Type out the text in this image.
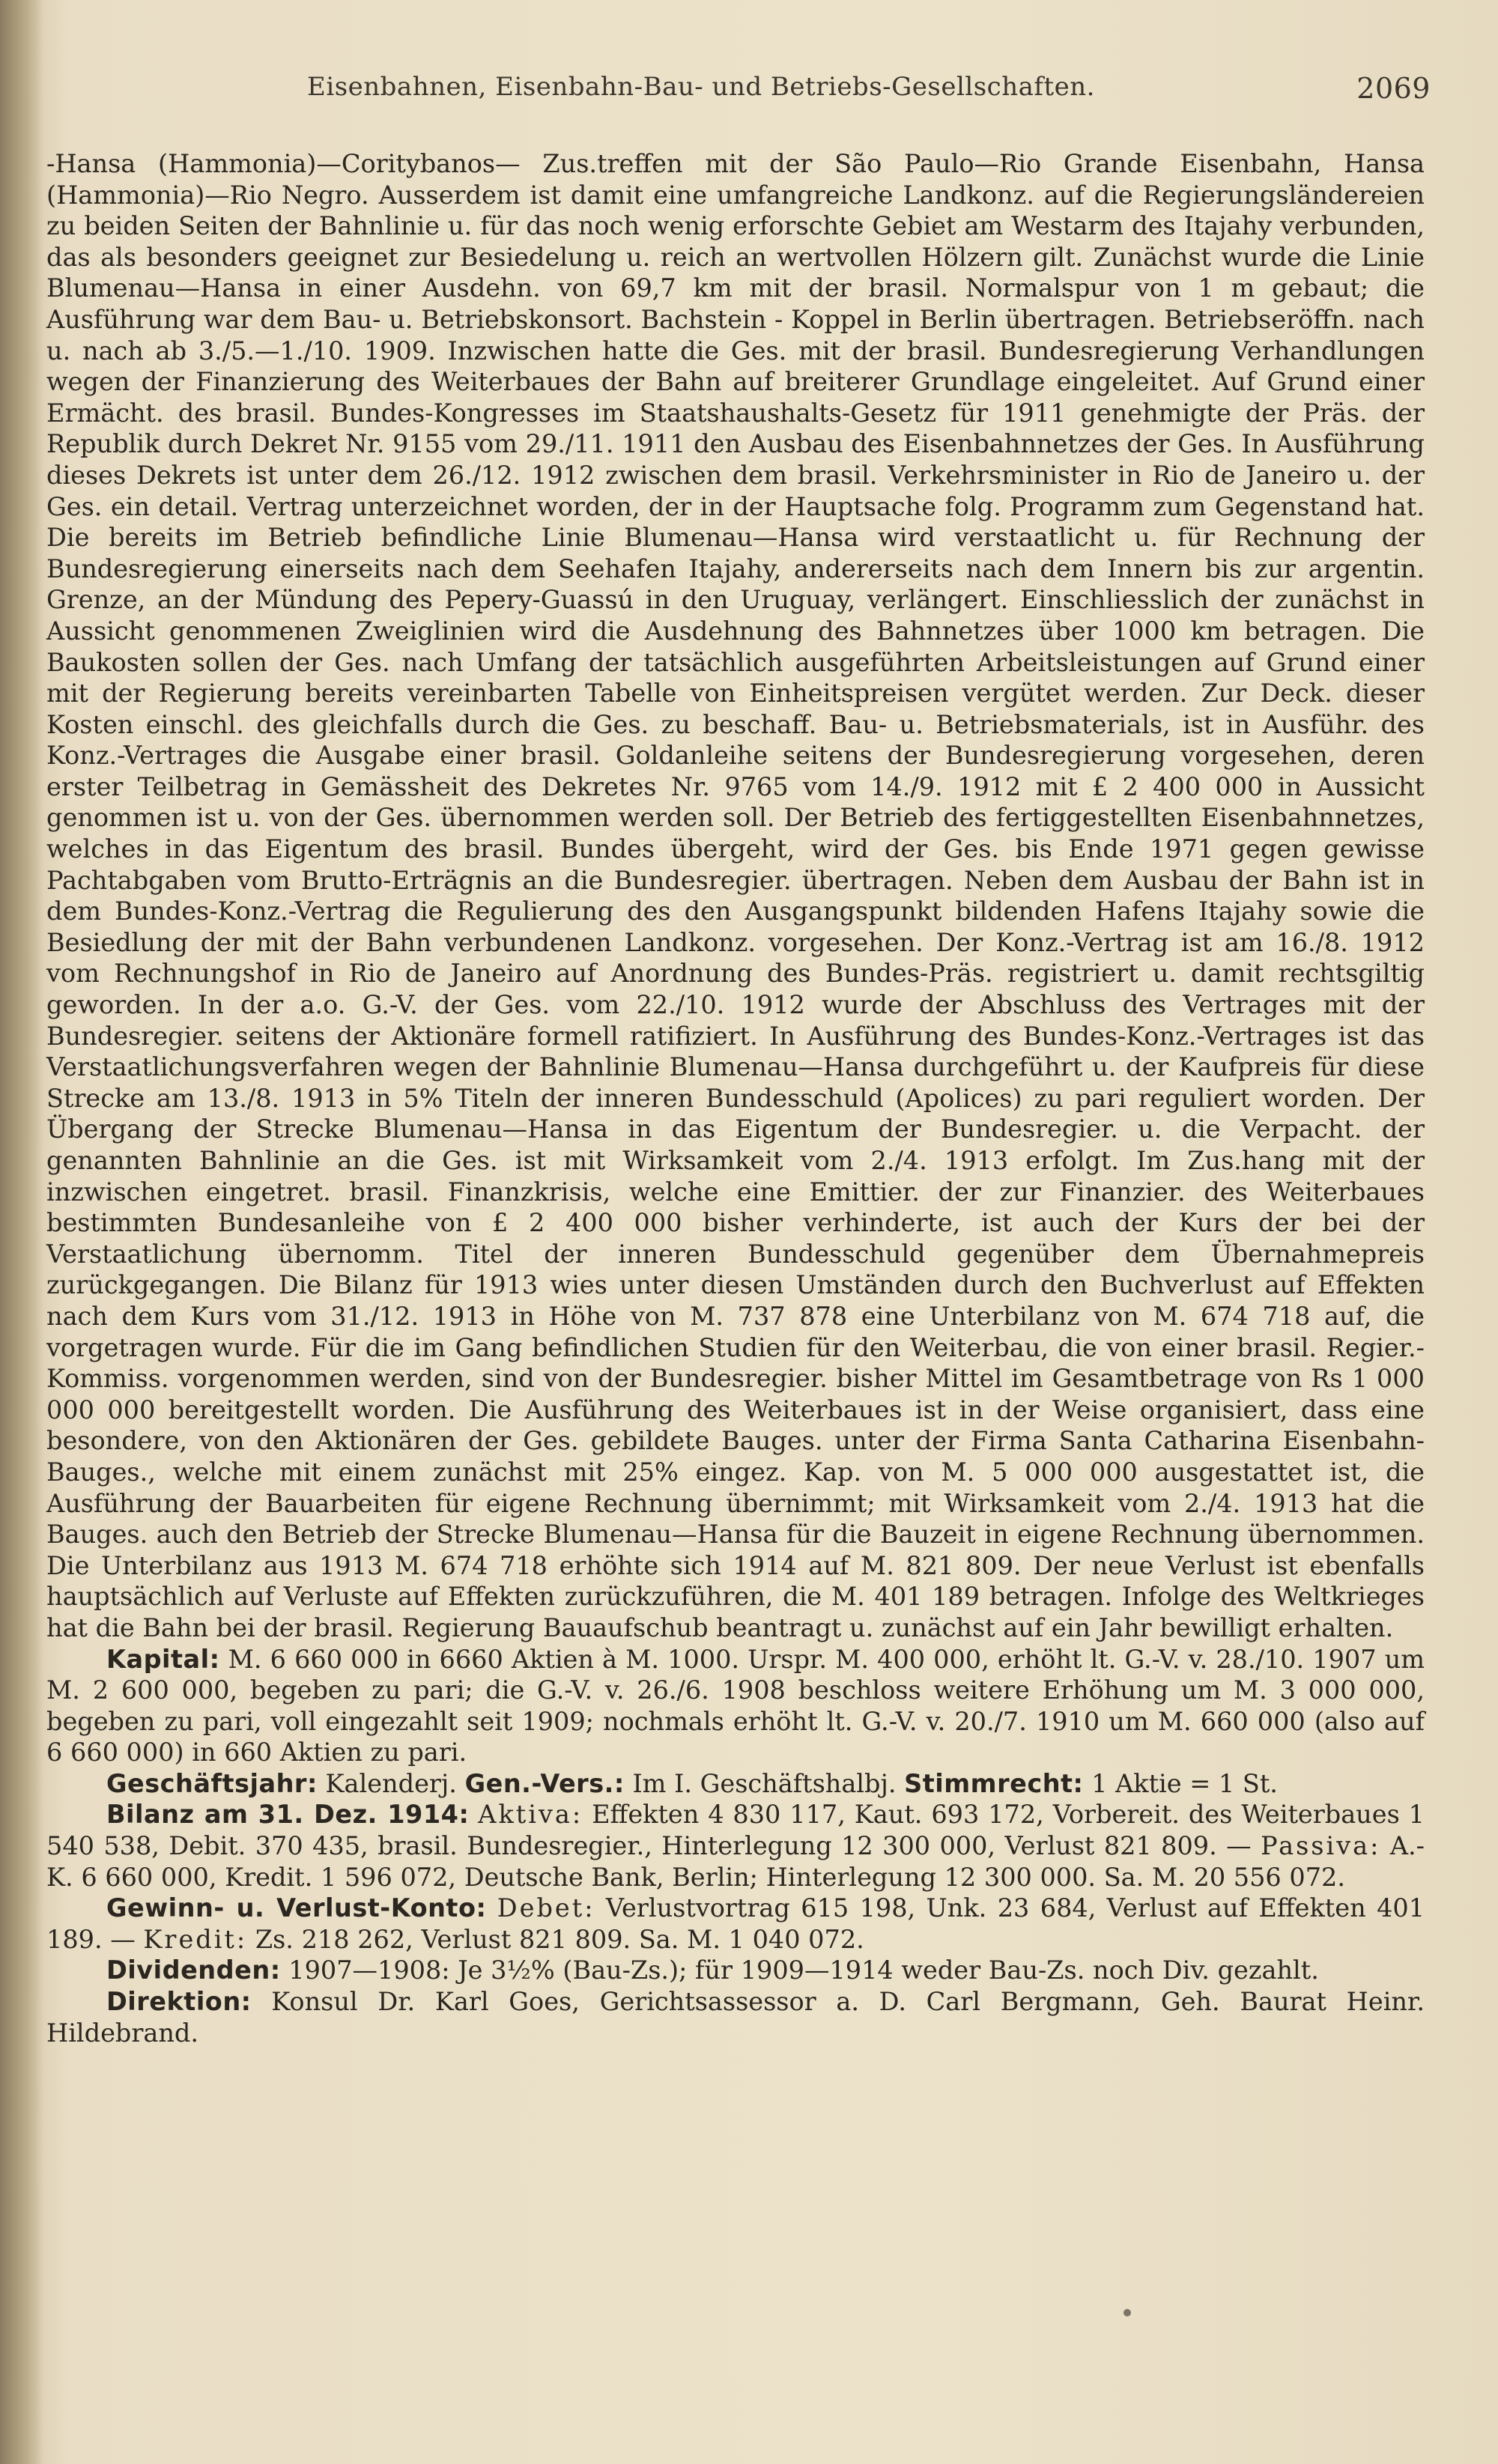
Eisenbahnen, Eisenbahn-Bau- und Betriebs-Gesellschaften.	2069

-Hansa (Hammonia)—Coritybanos— Zus.treffen mit der São Paulo—Rio Grande Eisenbahn, Hansa (Hammonia)—Rio Negro. Ausserdem ist damit eine umfangreiche Landkonz. auf die Regierungsländereien zu beiden Seiten der Bahnlinie u. für das noch wenig erforschte Gebiet am Westarm des Itajahy verbunden, das als besonders geeignet zur Besiedelung u. reich an wertvollen Hölzern gilt. Zunächst wurde die Linie Blumenau—Hansa in einer Ausdehn. von 69,7 km mit der brasil. Normalspur von 1 m gebaut; die Ausführung war dem Bau- u. Betriebskonsort. Bachstein - Koppel in Berlin übertragen. Betriebseröffn. nach u. nach ab 3./5.—1./10. 1909. Inzwischen hatte die Ges. mit der brasil. Bundesregierung Verhandlungen wegen der Finanzierung des Weiterbaues der Bahn auf breiterer Grundlage eingeleitet. Auf Grund einer Ermächt. des brasil. Bundes-Kongresses im Staatshaushalts-Gesetz für 1911 genehmigte der Präs. der Republik durch Dekret Nr. 9155 vom 29./11. 1911 den Ausbau des Eisenbahnnetzes der Ges. In Ausführung dieses Dekrets ist unter dem 26./12. 1912 zwischen dem brasil. Verkehrsminister in Rio de Janeiro u. der Ges. ein detail. Vertrag unterzeichnet worden, der in der Hauptsache folg. Programm zum Gegenstand hat. Die bereits im Betrieb befindliche Linie Blumenau—Hansa wird verstaatlicht u. für Rechnung der Bundesregierung einerseits nach dem Seehafen Itajahy, andererseits nach dem Innern bis zur argentin. Grenze, an der Mündung des Pepery-Guassú in den Uruguay, verlängert. Einschliesslich der zunächst in Aussicht genommenen Zweiglinien wird die Ausdehnung des Bahnnetzes über 1000 km betragen. Die Baukosten sollen der Ges. nach Umfang der tatsächlich ausgeführten Arbeitsleistungen auf Grund einer mit der Regierung bereits vereinbarten Tabelle von Einheitspreisen vergütet werden. Zur Deck. dieser Kosten einschl. des gleichfalls durch die Ges. zu beschaff. Bau- u. Betriebsmaterials, ist in Ausführ. des Konz.-Vertrages die Ausgabe einer brasil. Goldanleihe seitens der Bundesregierung vorgesehen, deren erster Teilbetrag in Gemässheit des Dekretes Nr. 9765 vom 14./9. 1912 mit £ 2 400 000 in Aussicht genommen ist u. von der Ges. übernommen werden soll. Der Betrieb des fertiggestellten Eisenbahnnetzes, welches in das Eigentum des brasil. Bundes übergeht, wird der Ges. bis Ende 1971 gegen gewisse Pachtabgaben vom Brutto-Erträgnis an die Bundesregier. übertragen. Neben dem Ausbau der Bahn ist in dem Bundes-Konz.-Vertrag die Regulierung des den Ausgangspunkt bildenden Hafens Itajahy sowie die Besiedlung der mit der Bahn verbundenen Landkonz. vorgesehen. Der Konz.-Vertrag ist am 16./8. 1912 vom Rechnungshof in Rio de Janeiro auf Anordnung des Bundes-Präs. registriert u. damit rechtsgiltig geworden. In der a.o. G.-V. der Ges. vom 22./10. 1912 wurde der Abschluss des Vertrages mit der Bundesregier. seitens der Aktionäre formell ratifiziert. In Ausführung des Bundes-Konz.-Vertrages ist das Verstaatlichungsverfahren wegen der Bahnlinie Blumenau—Hansa durchgeführt u. der Kaufpreis für diese Strecke am 13./8. 1913 in 5% Titeln der inneren Bundesschuld (Apolices) zu pari reguliert worden. Der Übergang der Strecke Blumenau—Hansa in das Eigentum der Bundesregier. u. die Verpacht. der genannten Bahnlinie an die Ges. ist mit Wirksamkeit vom 2./4. 1913 erfolgt. Im Zus.hang mit der inzwischen eingetret. brasil. Finanzkrisis, welche eine Emittier. der zur Finanzier. des Weiterbaues bestimmten Bundesanleihe von £ 2 400 000 bisher verhinderte, ist auch der Kurs der bei der Verstaatlichung übernomm. Titel der inneren Bundesschuld gegenüber dem Übernahmepreis zurückgegangen. Die Bilanz für 1913 wies unter diesen Umständen durch den Buchverlust auf Effekten nach dem Kurs vom 31./12. 1913 in Höhe von M. 737 878 eine Unterbilanz von M. 674 718 auf, die vorgetragen wurde. Für die im Gang befindlichen Studien für den Weiterbau, die von einer brasil. Regier.-Kommiss. vorgenommen werden, sind von der Bundesregier. bisher Mittel im Gesamtbetrage von Rs 1 000 000 000 bereitgestellt worden. Die Ausführung des Weiterbaues ist in der Weise organisiert, dass eine besondere, von den Aktionären der Ges. gebildete Bauges. unter der Firma Santa Catharina Eisenbahn-Bauges., welche mit einem zunächst mit 25% eingez. Kap. von M. 5 000 000 ausgestattet ist, die Ausführung der Bauarbeiten für eigene Rechnung übernimmt; mit Wirksamkeit vom 2./4. 1913 hat die Bauges. auch den Betrieb der Strecke Blumenau—Hansa für die Bauzeit in eigene Rechnung übernommen. Die Unterbilanz aus 1913 M. 674 718 erhöhte sich 1914 auf M. 821 809. Der neue Verlust ist ebenfalls hauptsächlich auf Verluste auf Effekten zurückzuführen, die M. 401 189 betragen. Infolge des Weltkrieges hat die Bahn bei der brasil. Regierung Bauaufschub beantragt u. zunächst auf ein Jahr bewilligt erhalten.

Kapital: M. 6 660 000 in 6660 Aktien à M. 1000. Urspr. M. 400 000, erhöht lt. G.-V. v. 28./10. 1907 um M. 2 600 000, begeben zu pari; die G.-V. v. 26./6. 1908 beschloss weitere Erhöhung um M. 3 000 000, begeben zu pari, voll eingezahlt seit 1909; nochmals erhöht lt. G.-V. v. 20./7. 1910 um M. 660 000 (also auf 6 660 000) in 660 Aktien zu pari.

Geschäftsjahr: Kalenderj. Gen.-Vers.: Im I. Geschäftshalbj. Stimmrecht: 1 Aktie = 1 St.

Bilanz am 31. Dez. 1914: Aktiva: Effekten 4 830 117, Kaut. 693 172, Vorbereit. des Weiterbaues 1 540 538, Debit. 370 435, brasil. Bundesregier., Hinterlegung 12 300 000, Verlust 821 809. — Passiva: A.-K. 6 660 000, Kredit. 1 596 072, Deutsche Bank, Berlin; Hinterlegung 12 300 000. Sa. M. 20 556 072.

Gewinn- u. Verlust-Konto: Debet: Verlustvortrag 615 198, Unk. 23 684, Verlust auf Effekten 401 189. — Kredit: Zs. 218 262, Verlust 821 809. Sa. M. 1 040 072.

Dividenden: 1907—1908: Je 3½% (Bau-Zs.); für 1909—1914 weder Bau-Zs. noch Div. gezahlt.

Direktion: Konsul Dr. Karl Goes, Gerichtsassessor a. D. Carl Bergmann, Geh. Baurat Heinr. Hildebrand.
